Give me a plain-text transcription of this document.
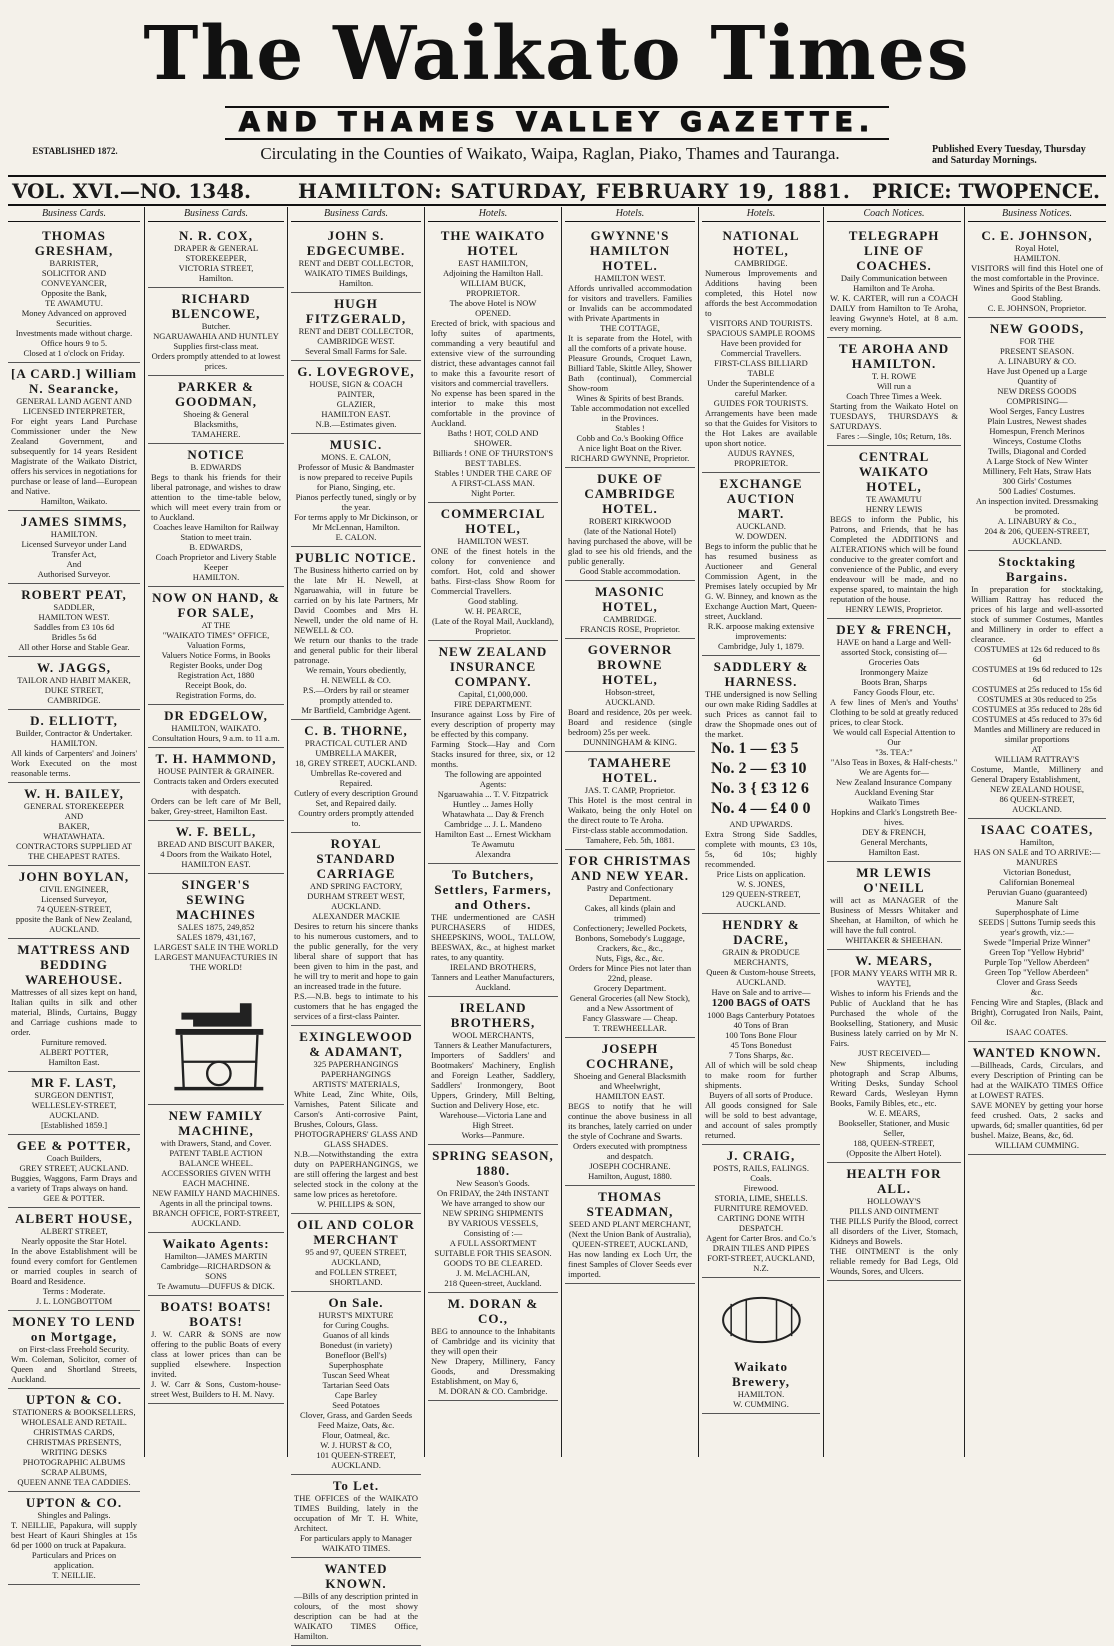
The Waikato Times
AND THAMES VALLEY GAZETTE.
ESTABLISHED 1872.	Circulating in the Counties of Waikato, Waipa, Raglan, Piako, Thames and Tauranga.	Published Every Tuesday, Thursday and Saturday Mornings.
VOL. XVI.—NO. 1348. HAMILTON: SATURDAY, FEBRUARY 19, 1881. PRICE: TWOPENCE.
Business Cards.
THOMAS GRESHAM,
BARRISTER,
SOLICITOR AND CONVEYANCER,
Opposite the Bank,
TE AWAMUTU.
Money Advanced on approved Securities.
Investments made without charge.
Office hours 9 to 5.
Closed at 1 o'clock on Friday.
[A CARD.] William N. Searancke,
GENERAL LAND AGENT AND LICENSED INTERPRETER,
For eight years Land Purchase Commissioner under the New Zealand Government, and subsequently for 14 years Resident Magistrate of the Waikato District, offers his services in negotiations for purchase or lease of land—European and Native.
Hamilton, Waikato.
JAMES SIMMS,
HAMILTON.
Licensed Surveyor under Land Transfer Act,
And
Authorised Surveyor.
ROBERT PEAT,
SADDLER,
HAMILTON WEST.
Saddles from £3 10s 6d
Bridles 5s 6d
All other Horse and Stable Gear.
W. JAGGS,
TAILOR AND HABIT MAKER,
DUKE STREET,
CAMBRIDGE.
D. ELLIOTT,
Builder, Contractor & Undertaker.
HAMILTON.
All kinds of Carpenters' and Joiners' Work Executed on the most reasonable terms.
W. H. BAILEY,
GENERAL STOREKEEPER
AND
BAKER,
WHATAWHATA.
CONTRACTORS SUPPLIED AT THE CHEAPEST RATES.
JOHN BOYLAN,
CIVIL ENGINEER,
Licensed Surveyor,
74 QUEEN-STREET,
pposite the Bank of New Zealand,
AUCKLAND.
MATTRESS AND BEDDING WAREHOUSE.
Mattresses of all sizes kept on hand, Italian quilts in silk and other material, Blinds, Curtains, Buggy and Carriage cushions made to order.
Furniture removed.
ALBERT POTTER,
Hamilton East.
MR F. LAST,
SURGEON DENTIST,
WELLESLEY-STREET,
AUCKLAND.
[Established 1859.]
GEE & POTTER,
Coach Builders,
GREY STREET, AUCKLAND.
Buggies, Waggons, Farm Drays and a variety of Traps always on hand.
GEE & POTTER.
ALBERT HOUSE,
ALBERT STREET,
Nearly opposite the Star Hotel.
In the above Establishment will be found every comfort for Gentlemen or married couples in search of Board and Residence.
Terms : Moderate.
J. L. LONGBOTTOM
MONEY TO LEND on Mortgage,
on First-class Freehold Security.
Wm. Coleman, Solicitor, corner of Queen and Shortland Streets, Auckland.
UPTON & CO.
STATIONERS & BOOKSELLERS,
WHOLESALE AND RETAIL.
CHRISTMAS CARDS,
CHRISTMAS PRESENTS,
WRITING DESKS
PHOTOGRAPHIC ALBUMS
SCRAP ALBUMS,
QUEEN ANNE TEA CADDIES.
UPTON & CO.
Shingles and Palings.
T. NEILLIE, Papakura, will supply best Heart of Kauri Shingles at 15s 6d per 1000 on truck at Papakura.
Particulars and Prices on application.
T. NEILLIE.
Business Cards.
N. R. COX,
DRAPER & GENERAL STOREKEEPER,
VICTORIA STREET,
Hamilton.
RICHARD BLENCOWE,
Butcher.
NGARUAWAHIA AND HUNTLEY
Supplies first-class meat.
Orders promptly attended to at lowest prices.
PARKER & GOODMAN,
Shoeing & General
Blacksmiths,
TAMAHERE.
NOTICE
B. EDWARDS
Begs to thank his friends for their liberal patronage, and wishes to draw attention to the time-table below, which will meet every train from or to Auckland.
Coaches leave Hamilton for Railway Station to meet train.
B. EDWARDS,
Coach Proprietor and Livery Stable Keeper
HAMILTON.
NOW ON HAND, & FOR SALE,
AT THE
"WAIKATO TIMES" OFFICE,
Valuation Forms,
Valuers Notice Forms, in Books
Register Books, under Dog Registration Act, 1880
Receipt Book, do.
Registration Forms, do.
DR EDGELOW,
HAMILTON, WAIKATO.
Consultation Hours, 9 a.m. to 11 a.m.
T. H. HAMMOND,
HOUSE PAINTER & GRAINER.
Contracts taken and Orders executed with despatch.
Orders can be left care of Mr Bell, baker, Grey-street, Hamilton East.
W. F. BELL,
BREAD AND BISCUIT BAKER,
4 Doors from the Waikato Hotel,
HAMILTON EAST.
SINGER'S SEWING MACHINES
SALES 1875, 249,852
SALES 1879, 431,167,
LARGEST SALE IN THE WORLD
LARGEST MANUFACTURIES IN THE WORLD!
NEW FAMILY MACHINE,
with Drawers, Stand, and Cover.
PATENT TABLE ACTION BALANCE WHEEL.
ACCESSORIES GIVEN WITH EACH MACHINE.
NEW FAMILY HAND MACHINES.
Agents in all the principal towns.
BRANCH OFFICE, FORT-STREET, AUCKLAND.
Waikato Agents:
Hamilton—JAMES MARTIN
Cambridge—RICHARDSON & SONS
Te Awamutu—DUFFUS & DICK.
BOATS! BOATS! BOATS!
J. W. CARR & SONS are now offering to the public Boats of every class at lower prices than can be supplied elsewhere. Inspection invited.
J. W. Carr & Sons, Custom-house-street West, Builders to H. M. Navy.
Business Cards.
JOHN S. EDGECUMBE.
RENT and DEBT COLLECTOR,
WAIKATO TIMES Buildings, Hamilton.
HUGH FITZGERALD,
RENT and DEBT COLLECTOR,
CAMBRIDGE WEST.
Several Small Farms for Sale.
G. LOVEGROVE,
HOUSE, SIGN & COACH PAINTER,
GLAZIER,
HAMILTON EAST.
N.B.—Estimates given.
MUSIC.
MONS. E. CALON,
Professor of Music & Bandmaster
is now prepared to receive Pupils for Piano, Singing, etc.
Pianos perfectly tuned, singly or by the year.
For terms apply to Mr Dickinson, or Mr McLennan, Hamilton.
E. CALON.
PUBLIC NOTICE.
The Business hitherto carried on by the late Mr H. Newell, at Ngaruawahia, will in future be carried on by his late Partners, Mr David Coombes and Mrs H. Newell, under the old name of H. NEWELL & CO.
We return our thanks to the trade and general public for their liberal patronage.
We remain, Yours obediently,
H. NEWELL & CO.
P.S.—Orders by rail or steamer promptly attended to.
Mr Bartfield, Cambridge Agent.
C. B. THORNE,
PRACTICAL CUTLER AND UMBRELLA MAKER,
18, GREY STREET, AUCKLAND.
Umbrellas Re-covered and Repaired.
Cutlery of every description Ground Set, and Repaired daily.
Country orders promptly attended to.
ROYAL STANDARD CARRIAGE
AND SPRING FACTORY,
DURHAM STREET WEST, AUCKLAND.
ALEXANDER MACKIE
Desires to return his sincere thanks to his numerous customers, and to the public generally, for the very liberal share of support that has been given to him in the past, and he will try to merit and hope to gain an increased trade in the future.
P.S.—N.B. begs to intimate to his customers that he has engaged the services of a first-class Painter.
EXINGLEWOOD & ADAMANT,
325 PAPERHANGINGS
PAPERHANGINGS
ARTISTS' MATERIALS,
White Lead, Zinc White, Oils, Varnishes, Patent Silicate and Carson's Anti-corrosive Paint, Brushes, Colours, Glass.
PHOTOGRAPHERS' GLASS AND GLASS SHADES.
N.B.—Notwithstanding the extra duty on PAPERHANGINGS, we are still offering the largest and best selected stock in the colony at the same low prices as heretofore.
W. PHILLIPS & SON,
OIL AND COLOR MERCHANT
95 and 97, QUEEN STREET,
AUCKLAND,
and FOLLEN STREET, SHORTLAND.
On Sale.
HURST'S MIXTURE
for Curing Coughs.
Guanos of all kinds
Bonedust (in variety)
Bonefloor (Bell's)
Superphosphate
Tuscan Seed Wheat
Tartarian Seed Oats
Cape Barley
Seed Potatoes
Clover, Grass, and Garden Seeds
Feed Maize, Oats, &c.
Flour, Oatmeal, &c.
W. J. HURST & CO,
101 QUEEN-STREET, AUCKLAND.
To Let.
THE OFFICES of the WAIKATO TIMES Building, lately in the occupation of Mr T. H. White, Architect.
For particulars apply to Manager WAIKATO TIMES.
WANTED KNOWN.
—Bills of any description printed in colours, of the most showy description can be had at the WAIKATO TIMES Office, Hamilton.
Hotels.
THE WAIKATO HOTEL
EAST HAMILTON,
Adjoining the Hamilton Hall.
WILLIAM BUCK,
PROPRIETOR.
The above Hotel is NOW OPENED.
Erected of brick, with spacious and lofty suites of apartments, commanding a very beautiful and extensive view of the surrounding district, these advantages cannot fail to make this a favourite resort of visitors and commercial travellers.
No expense has been spared in the interior to make this most comfortable in the province of Auckland.
Baths ! HOT, COLD AND SHOWER.
Billiards ! ONE OF THURSTON'S BEST TABLES.
Stables ! UNDER THE CARE OF A FIRST-CLASS MAN.
Night Porter.
COMMERCIAL HOTEL,
HAMILTON WEST.
ONE of the finest hotels in the colony for convenience and comfort. Hot, cold and shower baths. First-class Show Room for Commercial Travellers.
Good stabling.
W. H. PEARCE,
(Late of the Royal Mail, Auckland),
Proprietor.
NEW ZEALAND INSURANCE COMPANY.
Capital, £1,000,000.
FIRE DEPARTMENT.
Insurance against Loss by Fire of every description of property may be effected by this company.
Farming Stock—Hay and Corn Stacks insured for three, six, or 12 months.
The following are appointed Agents:
Ngaruawahia ... T. V. Fitzpatrick
Huntley ... James Holly
Whatawhata ... Day & French
Cambridge ... J. L. Mandeno
Hamilton East ... Ernest Wickham
Te Awamutu
Alexandra
To Butchers, Settlers, Farmers, and Others.
THE undermentioned are CASH PURCHASERS of HIDES, SHEEPSKINS, WOOL, TALLOW, BEESWAX, &c., at highest market rates, to any quantity.
IRELAND BROTHERS,
Tanners and Leather Manufacturers, Auckland.
IRELAND BROTHERS,
WOOL MERCHANTS,
Tanners & Leather Manufacturers,
Importers of Saddlers' and Bootmakers' Machinery, English and Foreign Leather, Saddlery, Saddlers' Ironmongery, Boot Uppers, Grindery, Mill Belting, Suction and Delivery Hose, etc.
Warehouse—Victoria Lane and High Street.
Works—Panmure.
SPRING SEASON, 1880.
New Season's Goods.
On FRIDAY, the 24th INSTANT
We have arranged to show our
NEW SPRING SHIPMENTS
BY VARIOUS VESSELS,
Consisting of :—
A FULL ASSORTMENT SUITABLE FOR THIS SEASON.
GOODS TO BE CLEARED.
J. M. McLACHLAN,
218 Queen-street, Auckland.
M. DORAN & CO.,
BEG to announce to the Inhabitants of Cambridge and its vicinity that they will open their
New Drapery, Millinery, Fancy Goods, and Dressmaking Establishment, on May 6,
M. DORAN & CO. Cambridge.
Hotels.
GWYNNE'S HAMILTON HOTEL.
HAMILTON WEST.
Affords unrivalled accommodation for visitors and travellers. Families or Invalids can be accommodated with Private Apartments in
THE COTTAGE,
It is separate from the Hotel, with all the comforts of a private house.
Pleasure Grounds, Croquet Lawn, Billiard Table, Skittle Alley, Shower Bath (continual), Commercial Show-room
Wines & Spirits of best Brands.
Table accommodation not excelled in the Provinces.
Stables !
Cobb and Co.'s Booking Office
A nice light Boat on the River.
RICHARD GWYNNE, Proprietor.
DUKE OF CAMBRIDGE HOTEL.
ROBERT KIRKWOOD
(late of the National Hotel)
having purchased the above, will be glad to see his old friends, and the public generally.
Good Stable accommodation.
MASONIC HOTEL,
CAMBRIDGE.
FRANCIS ROSE, Proprietor.
GOVERNOR BROWNE HOTEL,
Hobson-street,
AUCKLAND.
Board and residence, 20s per week. Board and residence (single bedroom) 25s per week.
DUNNINGHAM & KING.
TAMAHERE HOTEL.
JAS. T. CAMP, Proprietor.
This Hotel is the most central in Waikato, being the only Hotel on the direct route to Te Aroha.
First-class stable accommodation.
Tamahere, Feb. 5th, 1881.
FOR CHRISTMAS AND NEW YEAR.
Pastry and Confectionary Department.
Cakes, all kinds (plain and trimmed)
Confectionery; Jewelled Pockets,
Bonbons, Somebody's Luggage,
Crackers, &c., &c.,
Nuts, Figs, &c., &c.
Orders for Mince Pies not later than 22nd, please.
Grocery Department.
General Groceries (all New Stock), and a New Assortment of
Fancy Glassware — Cheap.
T. TREWHEELLAR.
JOSEPH COCHRANE,
Shoeing and General Blacksmith and Wheelwright,
HAMILTON EAST.
BEGS to notify that he will continue the above business in all its branches, lately carried on under the style of Cochrane and Swarts.
Orders executed with promptness and despatch.
JOSEPH COCHRANE.
Hamilton, August, 1880.
THOMAS STEADMAN,
SEED AND PLANT MERCHANT,
(Next the Union Bank of Australia),
QUEEN-STREET, AUCKLAND,
Has now landing ex Loch Urr, the finest Samples of Clover Seeds ever imported.
Hotels.
NATIONAL HOTEL,
CAMBRIDGE.
Numerous Improvements and Additions having been completed, this Hotel now affords the best Accommodation to
VISITORS AND TOURISTS.
SPACIOUS SAMPLE ROOMS
Have been provided for Commercial Travellers.
FIRST-CLASS BILLIARD TABLE
Under the Superintendence of a careful Marker.
GUIDES FOR TOURISTS.
Arrangements have been made so that the Guides for Visitors to the Hot Lakes are available upon short notice.
AUDUS RAYNES,
PROPRIETOR.
EXCHANGE AUCTION MART.
AUCKLAND.
W. DOWDEN.
Begs to inform the public that he has resumed business as Auctioneer and General Commission Agent, in the Premises lately occupied by Mr G. W. Binney, and known as the Exchange Auction Mart, Queen-street, Auckland.
R.K. arpoose making extensive improvements:
Cambridge, July 1, 1879.
SADDLERY & HARNESS.
THE undersigned is now Selling our own make Riding Saddles at such Prices as cannot fail to draw the Shopmade ones out of the market.
No. 1 — £3 5
No. 2 — £3 10
No. 3 { £3 12 6
No. 4 — £4 0 0
AND UPWARDS.
Extra Strong Side Saddles, complete with mounts, £3 10s, 5s, 6d 10s; highly recommended.
Price Lists on application.
W. S. JONES,
129 QUEEN-STREET, AUCKLAND.
HENDRY & DACRE,
GRAIN & PRODUCE MERCHANTS,
Queen & Custom-house Streets,
AUCKLAND.
Have on Sale and to arrive—
1200 BAGS of OATS
1000 Bags Canterbury Potatoes
40 Tons of Bran
100 Tons Bone Flour
45 Tons Bonedust
7 Tons Sharps, &c.
All of which will be sold cheap to make room for further shipments.
Buyers of all sorts of Produce.
All goods consigned for Sale will be sold to best advantage, and account of sales promptly returned.
J. CRAIG,
POSTS, RAILS, FALINGS.
Coals.
Firewood.
STORIA, LIME, SHELLS.
FURNITURE REMOVED.
CARTING DONE WITH DESPATCH.
Agent for Carter Bros. and Co.'s DRAIN TILES AND PIPES
FORT-STREET, AUCKLAND, N.Z.
Waikato Brewery,
HAMILTON.
W. CUMMING.
Coach Notices.
TELEGRAPH LINE OF COACHES.
Daily Communication between Hamilton and Te Aroha.
W. K. CARTER, will run a COACH DAILY from Hamilton to Te Aroha, leaving Gwynne's Hotel, at 8 a.m. every morning.
TE AROHA AND HAMILTON.
T. H. ROWE
Will run a
Coach Three Times a Week.
Starting from the Waikato Hotel on TUESDAYS, THURSDAYS & SATURDAYS.
Fares :—Single, 10s; Return, 18s.
CENTRAL WAIKATO HOTEL,
TE AWAMUTU
HENRY LEWIS
BEGS to inform the Public, his Patrons, and Friends, that he has Completed the ADDITIONS and ALTERATIONS which will be found conducive to the greater comfort and convenience of the Public, and every endeavour will be made, and no expense spared, to maintain the high reputation of the house.
HENRY LEWIS, Proprietor.
DEY & FRENCH,
HAVE on hand a Large and Well-assorted Stock, consisting of—
Groceries Oats
Ironmongery Maize
Boots Bran, Sharps
Fancy Goods Flour, etc.
A few lines of Men's and Youths' Clothing to be sold at greatly reduced prices, to clear Stock.
We would call Especial Attention to Our
"3s. TEA:"
"Also Teas in Boxes, & Half-chests."
We are Agents for—
New Zealand Insurance Company
Auckland Evening Star
Waikato Times
Hopkins and Clark's Longstreth Bee-hives.
DEY & FRENCH,
General Merchants,
Hamilton East.
MR LEWIS O'NEILL
will act as MANAGER of the Business of Messrs Whitaker and Sheehan, at Hamilton, of which he will have the full control.
WHITAKER & SHEEHAN.
W. MEARS,
[FOR MANY YEARS WITH MR R. WAYTE],
Wishes to inform his Friends and the Public of Auckland that he has Purchased the whole of the Bookselling, Stationery, and Music Business lately carried on by Mr N. Fairs.
JUST RECEIVED—
New Shipments, including photograph and Scrap Albums, Writing Desks, Sunday School Reward Cards, Wesleyan Hymn Books, Family Bibles, etc., etc.
W. E. MEARS,
Bookseller, Stationer, and Music Seller,
188, QUEEN-STREET,
(Opposite the Albert Hotel).
HEALTH FOR ALL.
HOLLOWAY'S
PILLS AND OINTMENT
THE PILLS Purify the Blood, correct all disorders of the Liver, Stomach, Kidneys and Bowels.
THE OINTMENT is the only reliable remedy for Bad Legs, Old Wounds, Sores, and Ulcers.
Business Notices.
C. E. JOHNSON,
Royal Hotel,
HAMILTON.
VISITORS will find this Hotel one of the most comfortable in the Province.
Wines and Spirits of the Best Brands.
Good Stabling.
C. E. JOHNSON, Proprietor.
NEW GOODS,
FOR THE
PRESENT SEASON.
A. LINABURY & CO.
Have Just Opened up a Large Quantity of
NEW DRESS GOODS
COMPRISING—
Wool Serges, Fancy Lustres
Plain Lustres, Newest shades
Homespun, French Merinos
Winceys, Costume Cloths
Twills, Diagonal and Corded
A Large Stock of New Winter Millinery, Felt Hats, Straw Hats
300 Girls' Costumes
500 Ladies' Costumes.
An inspection invited. Dressmaking be promoted.
A. LINABURY & Co.,
204 & 206, QUEEN-STREET,
AUCKLAND.
Stocktaking Bargains.
In preparation for stocktaking, William Rattray has reduced the prices of his large and well-assorted stock of summer Costumes, Mantles and Millinery in order to effect a clearance.
COSTUMES at 12s 6d reduced to 8s 6d
COSTUMES at 19s 6d reduced to 12s 6d
COSTUMES at 25s reduced to 15s 6d
COSTUMES at 30s reduced to 25s
COSTUMES at 35s reduced to 28s 6d
COSTUMES at 45s reduced to 37s 6d
Mantles and Millinery are reduced in similar proportions
AT
WILLIAM RATTRAY'S
Costume, Mantle, Millinery and General Drapery Establishment,
NEW ZEALAND HOUSE,
86 QUEEN-STREET,
AUCKLAND.
ISAAC COATES,
Hamilton,
HAS ON SALE and TO ARRIVE:—
MANURES
Victorian Bonedust,
Californian Bonemeal
Peruvian Guano (guaranteed)
Manure Salt
Superphosphate of Lime
SEEDS | Suttons Turnip seeds this year's growth, viz.:—
Swede "Imperial Prize Winner"
Green Top "Yellow Hybrid"
Purple Top "Yellow Aberdeen"
Green Top "Yellow Aberdeen"
Clover and Grass Seeds
&c.
Fencing Wire and Staples, (Black and Bright), Corrugated Iron Nails, Paint, Oil &c.
ISAAC COATES.
WANTED KNOWN.
—Billheads, Cards, Circulars, and every Description of Printing can be had at the WAIKATO TIMES Office at LOWEST RATES.
SAVE MONEY by getting your horse feed crushed. Oats, 2 sacks and upwards, 6d; smaller quantities, 6d per bushel. Maize, Beans, &c, 6d.
WILLIAM CUMMING.
